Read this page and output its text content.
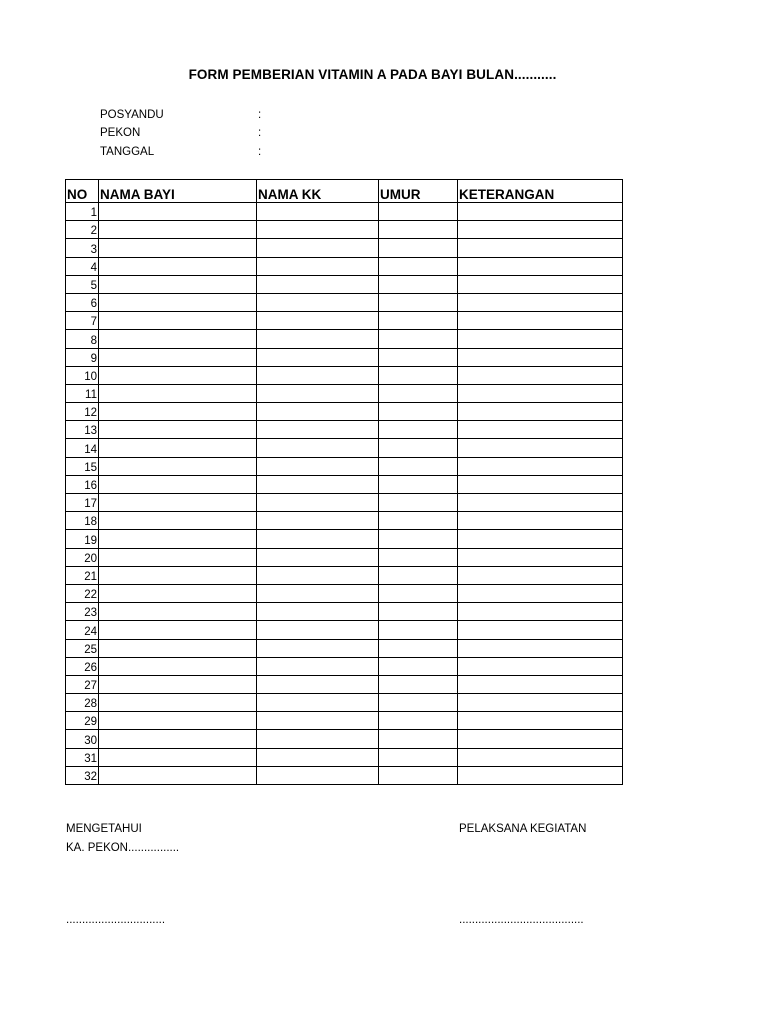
FORM PEMBERIAN VITAMIN A PADA BAYI BULAN...........
POSYANDU	:
PEKON	:
TANGGAL	:
NO	NAMA BAYI	NAMA KK	UMUR	KETERANGAN
1				
2				
3				
4				
5				
6				
7				
8				
9				
10				
11				
12				
13				
14				
15				
16				
17				
18				
19				
20				
21				
22				
23				
24				
25				
26				
27				
28				
29				
30				
31				
32				
MENGETAHUI
KA. PEKON................
...............................
PELAKSANA KEGIATAN
.......................................
